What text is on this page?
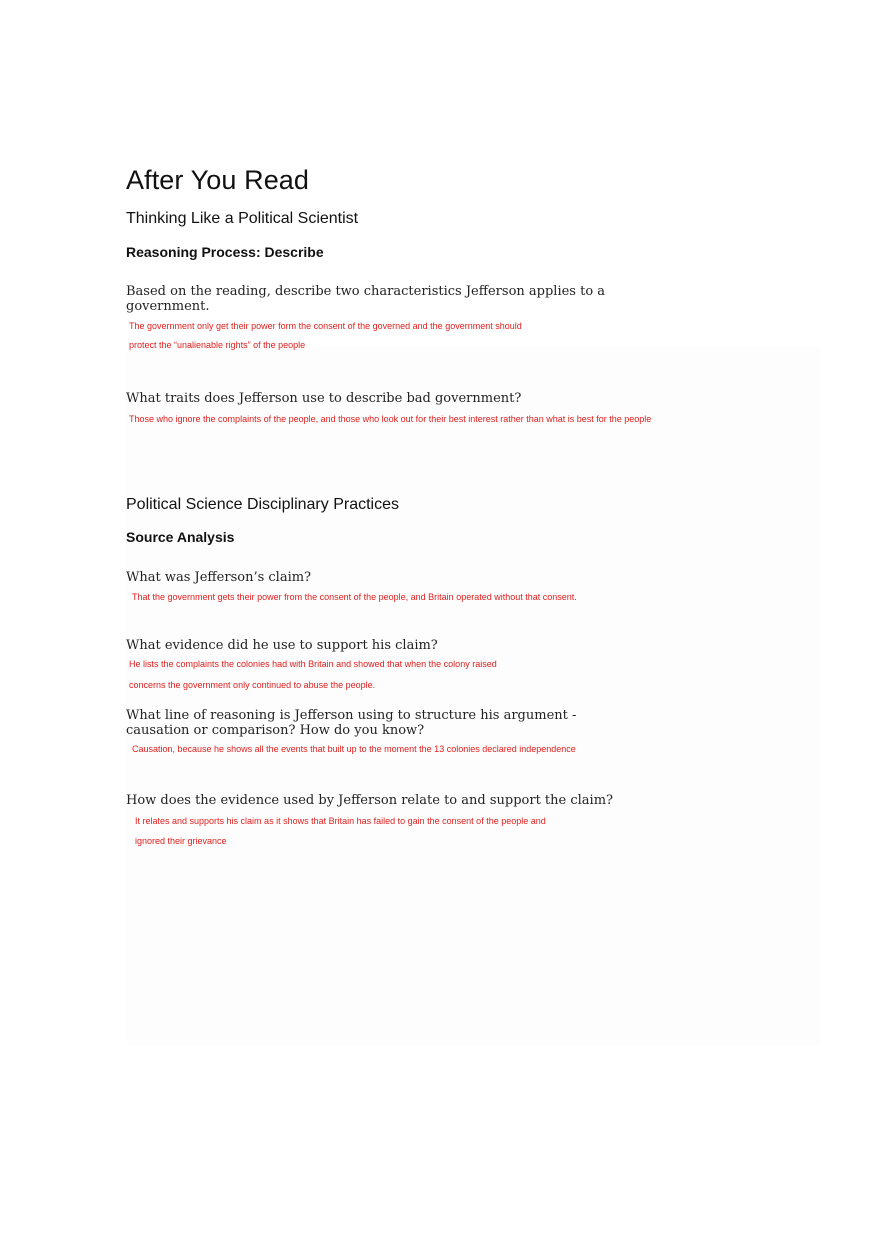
After You Read
Thinking Like a Political Scientist
Reasoning Process: Describe

Based on the reading, describe two characteristics Jefferson applies to a

government.

The government only get their power form the consent of the governed and the government should

protect the “unalienable rights” of the people

What traits does Jefferson use to describe bad government?

Those who ignore the complaints of the people, and those who look out for their best interest rather than what is best for the people

Political Science Disciplinary Practices
Source Analysis

What was Jefferson’s claim?

That the government gets their power from the consent of the people, and Britain operated without that consent.

What evidence did he use to support his claim?

He lists the complaints the colonies had with Britain and showed that when the colony raised

concerns the government only continued to abuse the people.

What line of reasoning is Jefferson using to structure his argument -

causation or comparison? How do you know?

Causation, because he shows all the events that built up to the moment the 13 colonies declared independence

How does the evidence used by Jefferson relate to and support the claim?

It relates and supports his claim as it shows that Britain has failed to gain the consent of the people and

ignored their grievance
